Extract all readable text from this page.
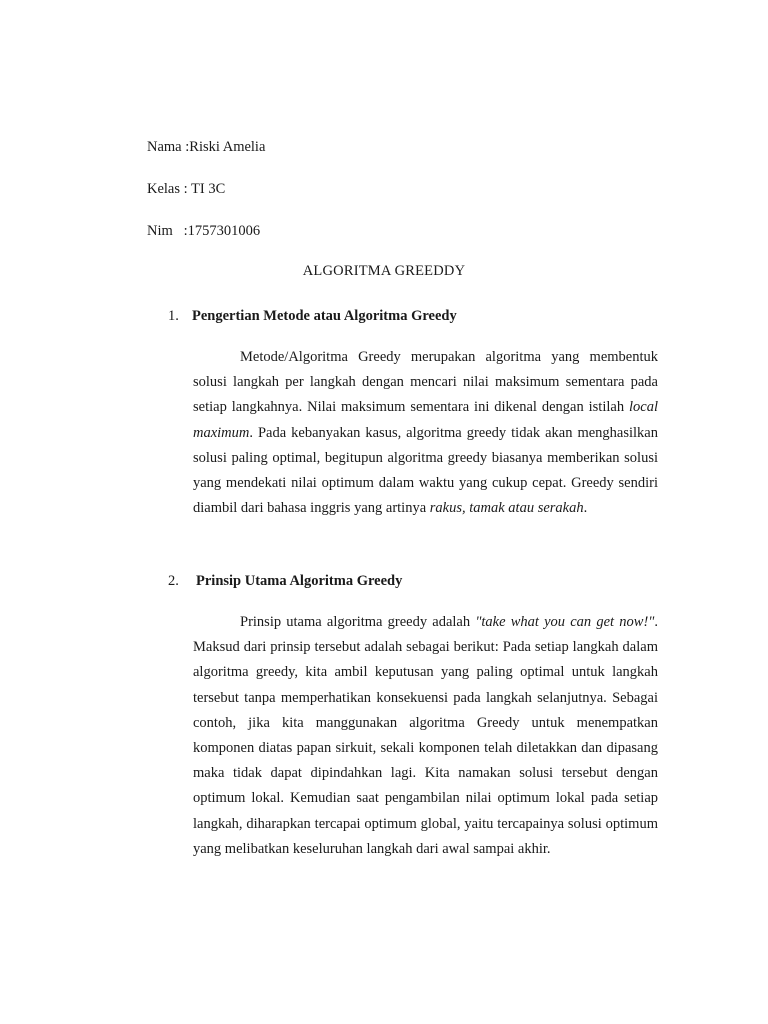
Nama :Riski Amelia
Kelas : TI 3C
Nim   :1757301006
ALGORITMA GREEDDY
1. Pengertian Metode atau Algoritma Greedy

Metode/Algoritma Greedy merupakan algoritma yang membentuk solusi langkah per langkah dengan mencari nilai maksimum sementara pada setiap langkahnya. Nilai maksimum sementara ini dikenal dengan istilah local maximum. Pada kebanyakan kasus, algoritma greedy tidak akan menghasilkan solusi paling optimal, begitupun algoritma greedy biasanya memberikan solusi yang mendekati nilai optimum dalam waktu yang cukup cepat. Greedy sendiri diambil dari bahasa inggris yang artinya rakus, tamak atau serakah.

2. Prinsip Utama Algoritma Greedy

Prinsip utama algoritma greedy adalah "take what you can get now!". Maksud dari prinsip tersebut adalah sebagai berikut: Pada setiap langkah dalam algoritma greedy, kita ambil keputusan yang paling optimal untuk langkah tersebut tanpa memperhatikan konsekuensi pada langkah selanjutnya. Sebagai contoh, jika kita manggunakan algoritma Greedy untuk menempatkan komponen diatas papan sirkuit, sekali komponen telah diletakkan dan dipasang maka tidak dapat dipindahkan lagi. Kita namakan solusi tersebut dengan optimum lokal. Kemudian saat pengambilan nilai optimum lokal pada setiap langkah, diharapkan tercapai optimum global, yaitu tercapainya solusi optimum yang melibatkan keseluruhan langkah dari awal sampai akhir.
